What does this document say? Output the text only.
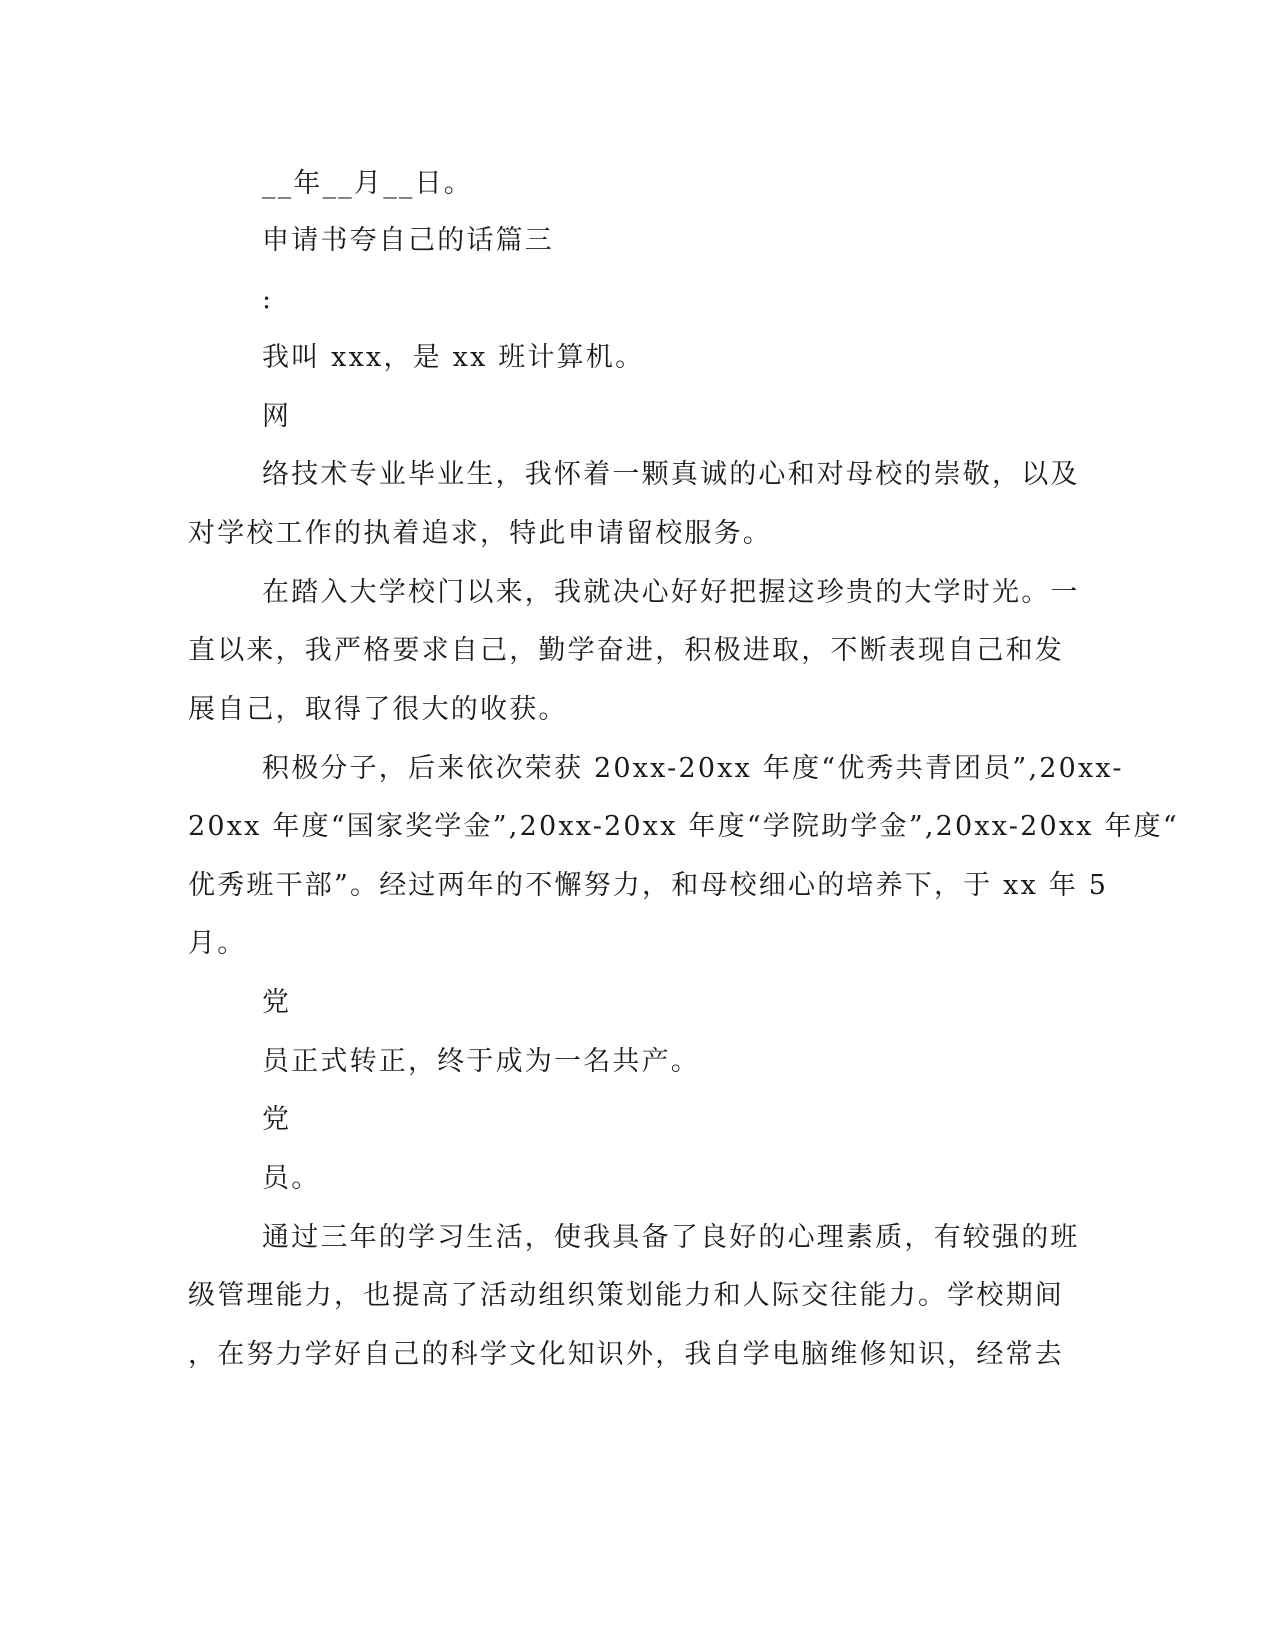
__年__月__日。
申请书夸自己的话篇三
:
我叫 xxx，是 xx 班计算机。
网
络技术专业毕业生，我怀着一颗真诚的心和对母校的崇敬，以及
对学校工作的执着追求，特此申请留校服务。
在踏入大学校门以来，我就决心好好把握这珍贵的大学时光。一
直以来，我严格要求自己，勤学奋进，积极进取，不断表现自己和发
展自己，取得了很大的收获。
积极分子，后来依次荣获 20xx-20xx 年度“优秀共青团员”,20xx-
20xx 年度“国家奖学金”,20xx-20xx 年度“学院助学金”,20xx-20xx 年度“
优秀班干部”。经过两年的不懈努力，和母校细心的培养下，于 xx 年 5
月。
党
员正式转正，终于成为一名共产。
党
员。
通过三年的学习生活，使我具备了良好的心理素质，有较强的班
级管理能力，也提高了活动组织策划能力和人际交往能力。学校期间
，在努力学好自己的科学文化知识外，我自学电脑维修知识，经常去
